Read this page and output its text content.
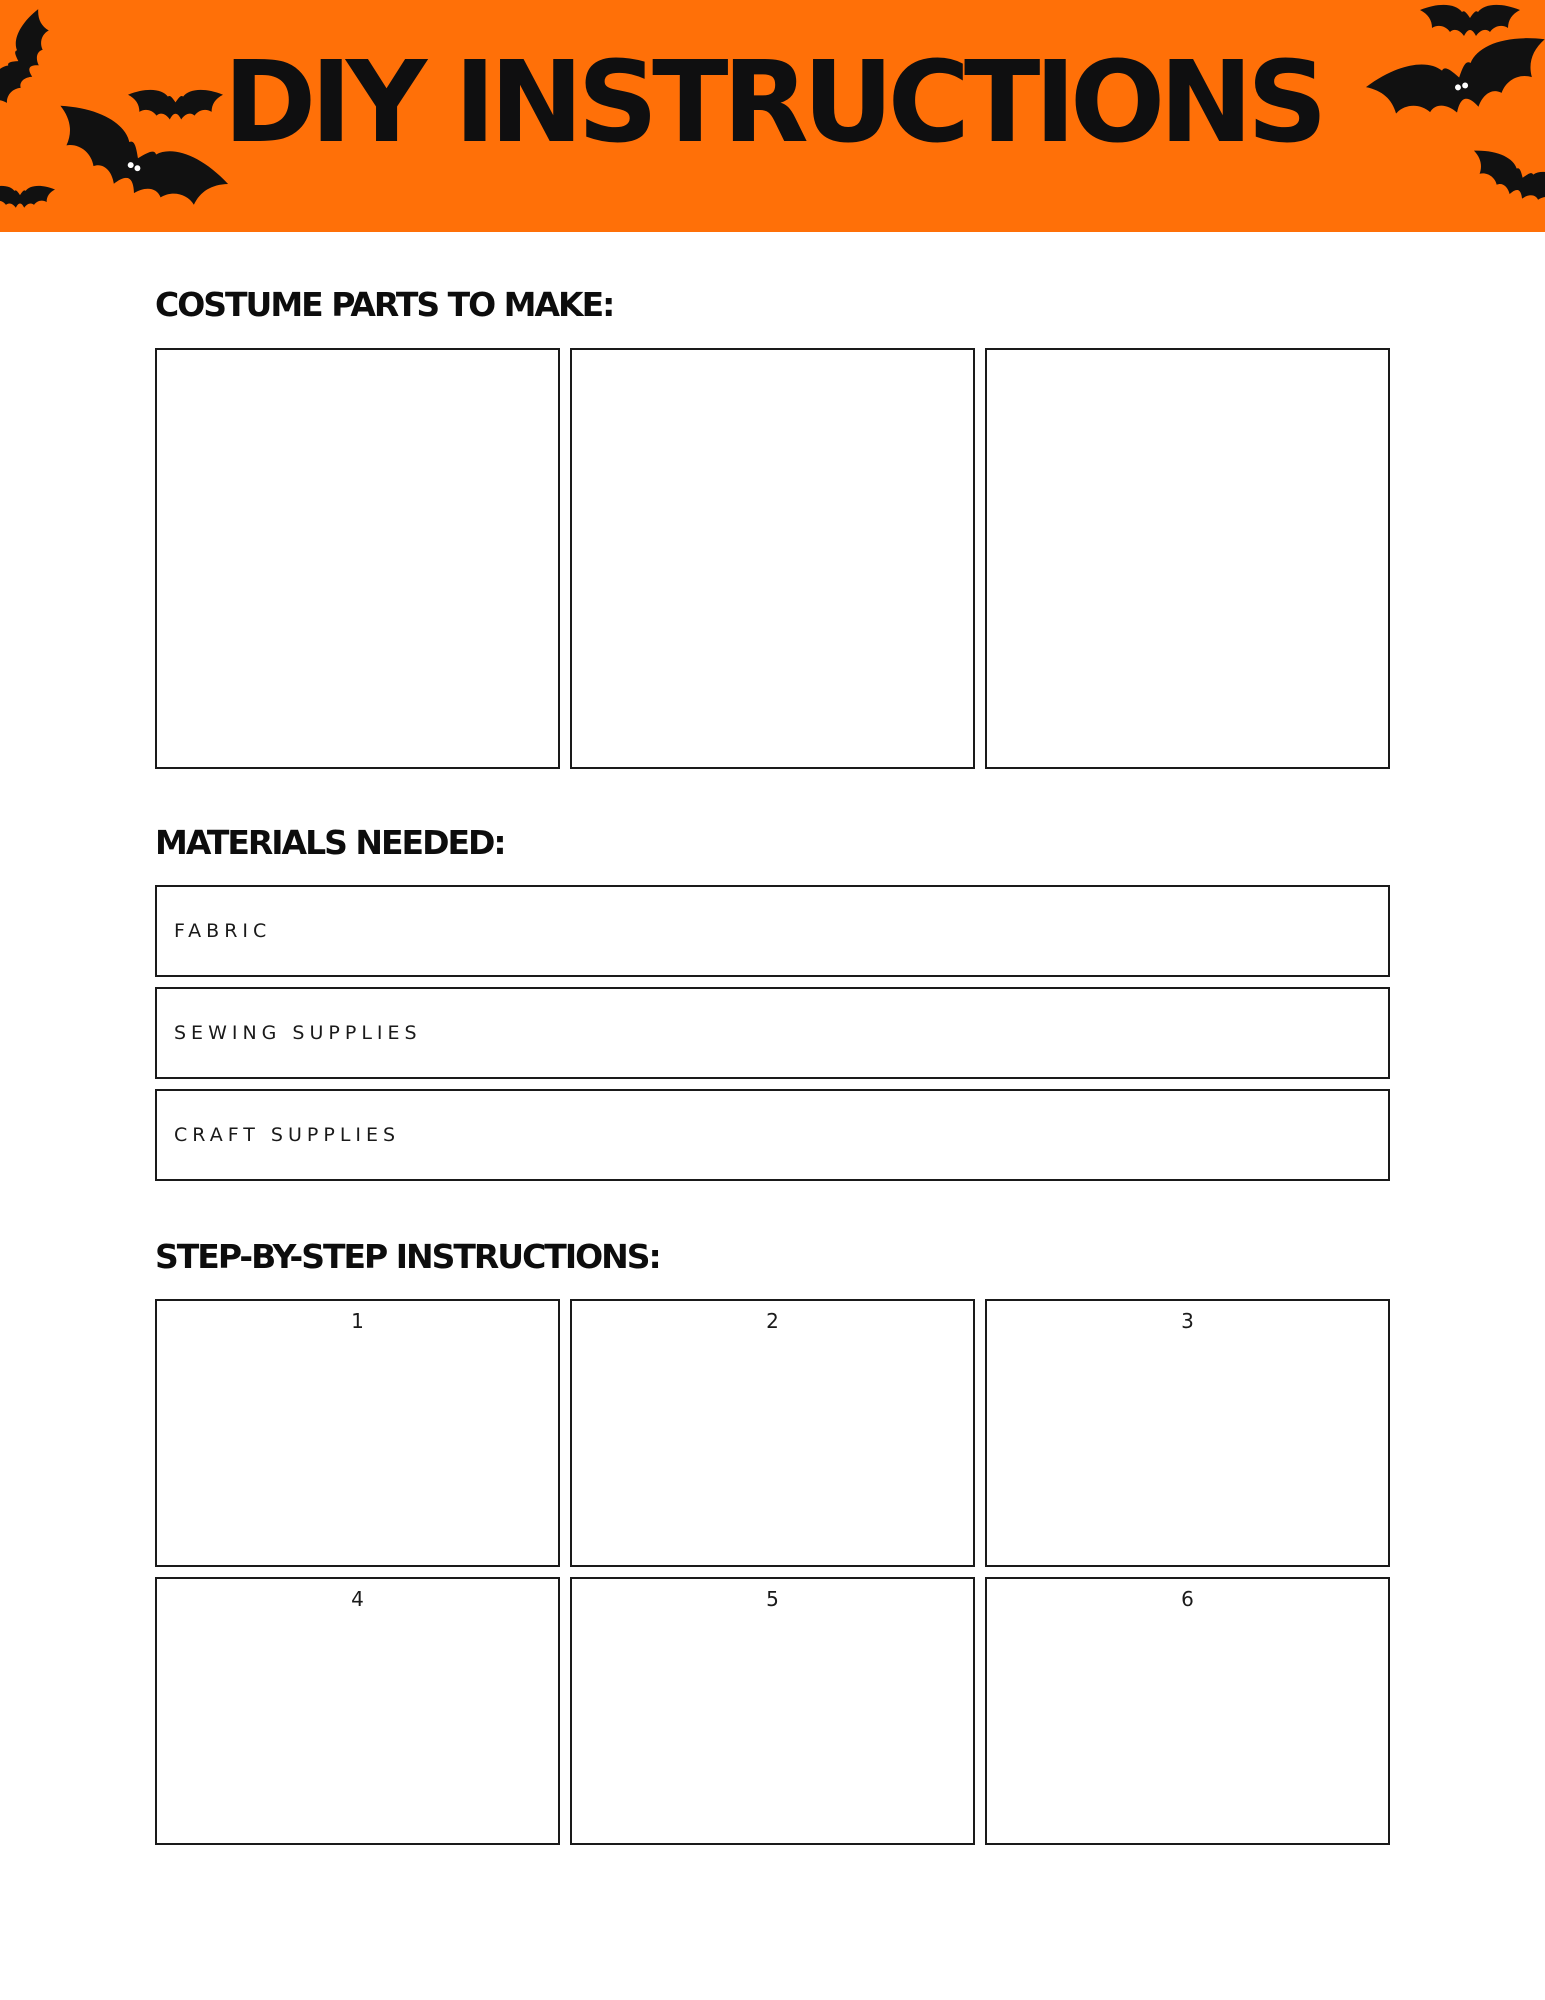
DIY INSTRUCTIONS
COSTUME PARTS TO MAKE:
MATERIALS NEEDED:
FABRIC
SEWING SUPPLIES
CRAFT SUPPLIES
STEP-BY-STEP INSTRUCTIONS:
1	2	3
4	5	6
